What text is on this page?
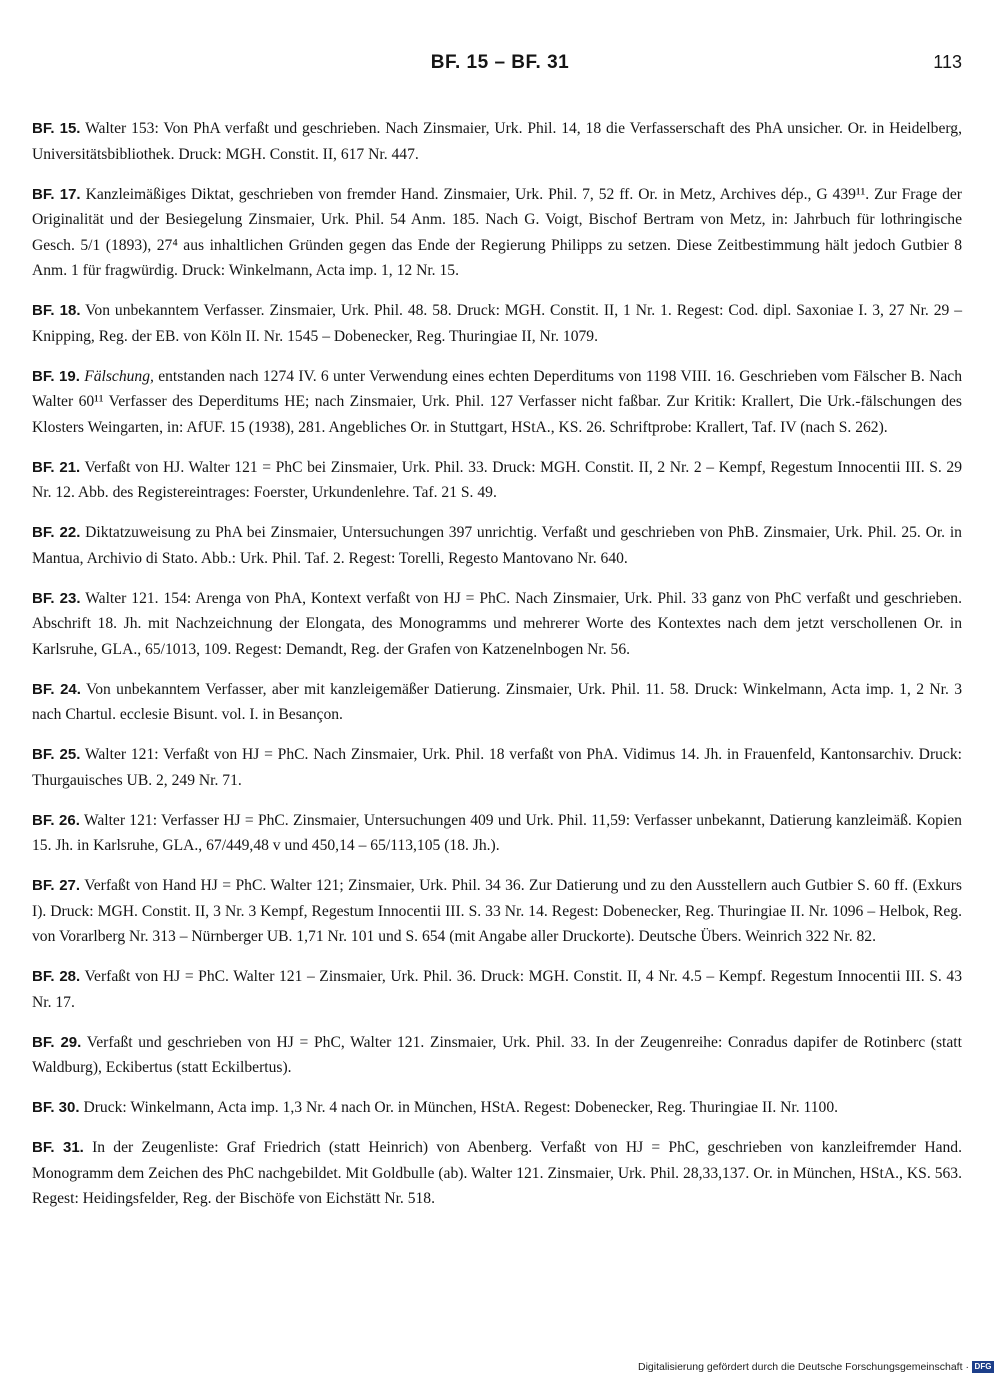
BF. 15 – BF. 31	113

BF. 15. Walter 153: Von PhA verfaßt und geschrieben. Nach Zinsmaier, Urk. Phil. 14, 18 die Verfasserschaft des PhA unsicher. Or. in Heidelberg, Universitätsbibliothek. Druck: MGH. Constit. II, 617 Nr. 447.

BF. 17. Kanzleimäßiges Diktat, geschrieben von fremder Hand. Zinsmaier, Urk. Phil. 7, 52 ff. Or. in Metz, Archives dép., G 439¹¹. Zur Frage der Originalität und der Besiegelung Zinsmaier, Urk. Phil. 54 Anm. 185. Nach G. Voigt, Bischof Bertram von Metz, in: Jahrbuch für lothringische Gesch. 5/1 (1893), 27⁴ aus inhaltlichen Gründen gegen das Ende der Regierung Philipps zu setzen. Diese Zeitbestimmung hält jedoch Gutbier 8 Anm. 1 für fragwürdig. Druck: Winkelmann, Acta imp. 1, 12 Nr. 15.

BF. 18. Von unbekanntem Verfasser. Zinsmaier, Urk. Phil. 48. 58. Druck: MGH. Constit. II, 1 Nr. 1. Regest: Cod. dipl. Saxoniae I. 3, 27 Nr. 29 – Knipping, Reg. der EB. von Köln II. Nr. 1545 – Dobenecker, Reg. Thuringiae II, Nr. 1079.

BF. 19. Fälschung, entstanden nach 1274 IV. 6 unter Verwendung eines echten Deperditums von 1198 VIII. 16. Geschrieben vom Fälscher B. Nach Walter 60¹¹ Verfasser des Deperditums HE; nach Zinsmaier, Urk. Phil. 127 Verfasser nicht faßbar. Zur Kritik: Krallert, Die Urk.-fälschungen des Klosters Weingarten, in: AfUF. 15 (1938), 281. Angebliches Or. in Stuttgart, HStA., KS. 26. Schriftprobe: Krallert, Taf. IV (nach S. 262).

BF. 21. Verfaßt von HJ. Walter 121 = PhC bei Zinsmaier, Urk. Phil. 33. Druck: MGH. Constit. II, 2 Nr. 2 – Kempf, Regestum Innocentii III. S. 29 Nr. 12. Abb. des Registereintrages: Foerster, Urkundenlehre. Taf. 21 S. 49.

BF. 22. Diktatzuweisung zu PhA bei Zinsmaier, Untersuchungen 397 unrichtig. Verfaßt und geschrieben von PhB. Zinsmaier, Urk. Phil. 25. Or. in Mantua, Archivio di Stato. Abb.: Urk. Phil. Taf. 2. Regest: Torelli, Regesto Mantovano Nr. 640.

BF. 23. Walter 121. 154: Arenga von PhA, Kontext verfaßt von HJ = PhC. Nach Zinsmaier, Urk. Phil. 33 ganz von PhC verfaßt und geschrieben. Abschrift 18. Jh. mit Nachzeichnung der Elongata, des Monogramms und mehrerer Worte des Kontextes nach dem jetzt verschollenen Or. in Karlsruhe, GLA., 65/1013, 109. Regest: Demandt, Reg. der Grafen von Katzenelnbogen Nr. 56.

BF. 24. Von unbekanntem Verfasser, aber mit kanzleigemäßer Datierung. Zinsmaier, Urk. Phil. 11. 58. Druck: Winkelmann, Acta imp. 1, 2 Nr. 3 nach Chartul. ecclesie Bisunt. vol. I. in Besançon.

BF. 25. Walter 121: Verfaßt von HJ = PhC. Nach Zinsmaier, Urk. Phil. 18 verfaßt von PhA. Vidimus 14. Jh. in Frauenfeld, Kantonsarchiv. Druck: Thurgauisches UB. 2, 249 Nr. 71.

BF. 26. Walter 121: Verfasser HJ = PhC. Zinsmaier, Untersuchungen 409 und Urk. Phil. 11,59: Verfasser unbekannt, Datierung kanzleimäß. Kopien 15. Jh. in Karlsruhe, GLA., 67/449,48 v und 450,14 – 65/113,105 (18. Jh.).

BF. 27. Verfaßt von Hand HJ = PhC. Walter 121; Zinsmaier, Urk. Phil. 34 36. Zur Datierung und zu den Ausstellern auch Gutbier S. 60 ff. (Exkurs I). Druck: MGH. Constit. II, 3 Nr. 3 Kempf, Regestum Innocentii III. S. 33 Nr. 14. Regest: Dobenecker, Reg. Thuringiae II. Nr. 1096 – Helbok, Reg. von Vorarlberg Nr. 313 – Nürnberger UB. 1,71 Nr. 101 und S. 654 (mit Angabe aller Druckorte). Deutsche Übers. Weinrich 322 Nr. 82.

BF. 28. Verfaßt von HJ = PhC. Walter 121 – Zinsmaier, Urk. Phil. 36. Druck: MGH. Constit. II, 4 Nr. 4.5 – Kempf. Regestum Innocentii III. S. 43 Nr. 17.

BF. 29. Verfaßt und geschrieben von HJ = PhC, Walter 121. Zinsmaier, Urk. Phil. 33. In der Zeugenreihe: Conradus dapifer de Rotinberc (statt Waldburg), Eckibertus (statt Eckilbertus).

BF. 30. Druck: Winkelmann, Acta imp. 1,3 Nr. 4 nach Or. in München, HStA. Regest: Dobenecker, Reg. Thuringiae II. Nr. 1100.

BF. 31. In der Zeugenliste: Graf Friedrich (statt Heinrich) von Abenberg. Verfaßt von HJ = PhC, geschrieben von kanzleifremder Hand. Monogramm dem Zeichen des PhC nachgebildet. Mit Goldbulle (ab). Walter 121. Zinsmaier, Urk. Phil. 28,33,137. Or. in München, HStA., KS. 563. Regest: Heidingsfelder, Reg. der Bischöfe von Eichstätt Nr. 518.

Digitalisierung gefördert durch die Deutsche Forschungsgemeinschaft · DFG
